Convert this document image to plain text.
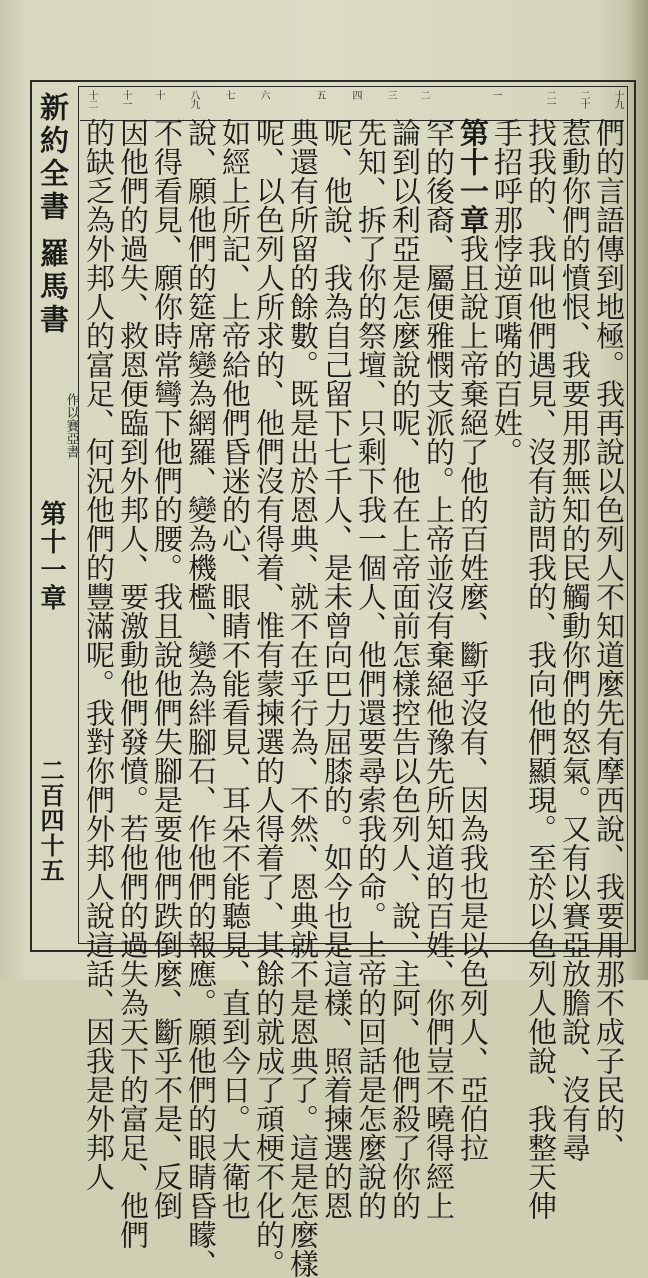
新約全書
羅馬書
第十一章
二百四十五
作以賽亞書
十九
二十
二一
一
二
三
四
五
六
七
八九
十
十一
十二
們的言語傳到地極。我再說以色列人不知道麼先有摩西說、我要用那不成子民的、
惹動你們的憤恨、我要用那無知的民觸動你們的怒氣。又有以賽亞放膽說、沒有尋
找我的、我叫他們遇見、沒有訪問我的、我向他們顯現。至於以色列人他說、我整天伸
手招呼那悖逆頂嘴的百姓。
第十一章我且說上帝棄絕了他的百姓麼、斷乎沒有、因為我也是以色列人、亞伯拉
罕的後裔、屬便雅憫支派的。上帝並沒有棄絕他豫先所知道的百姓、你們豈不曉得經上
論到以利亞是怎麼說的呢、他在上帝面前怎樣控告以色列人、說、主阿、他們殺了你的
先知、拆了你的祭壇、只剩下我一個人、他們還要尋索我的命。上帝的回話是怎麼說的
呢、他說、我為自己留下七千人、是未曾向巴力屈膝的。如今也是這樣、照着揀選的恩
典還有所留的餘數。既是出於恩典、就不在乎行為、不然、恩典就不是恩典了。這是怎麼樣
呢、以色列人所求的、他們沒有得着、惟有蒙揀選的人得着了、其餘的就成了頑梗不化的。
如經上所記、上帝給他們昏迷的心、眼睛不能看見、耳朵不能聽見、直到今日。大衛也
說、願他們的筵席變為網羅、變為機檻、變為絆腳石、作他們的報應。願他們的眼睛昏矇、
不得看見、願你時常彎下他們的腰。我且說他們失腳是要他們跌倒麼、斷乎不是、反倒
因他們的過失、救恩便臨到外邦人、要激動他們發憤。若他們的過失為天下的富足、他們
的缺乏為外邦人的富足、何況他們的豐滿呢。我對你們外邦人說這話、因我是外邦人
